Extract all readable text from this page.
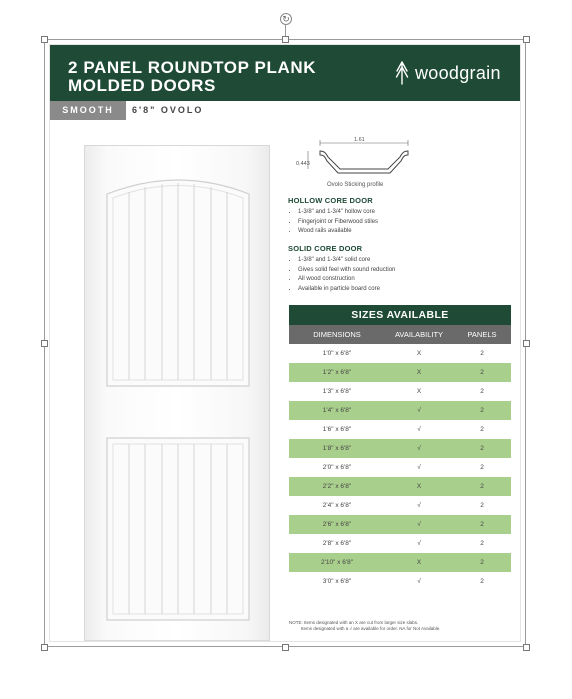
↻
2 PANEL ROUNDTOP PLANK
MOLDED DOORS
woodgrain
SMOOTH	6'8" OVOLO
1.61
0.443
Ovolo Sticking profile
HOLLOW CORE DOOR
• 1-3/8" and 1-3/4" hollow core
• Fingerjoint or Fiberwood stiles
• Wood rails available
SOLID CORE DOOR
• 1-3/8" and 1-3/4" solid core
• Gives solid feel with sound reduction
• All wood construction
• Available in particle board core
SIZES AVAILABLE
DIMENSIONS	AVAILABILITY	PANELS
1'0" x 6'8"	X	2
1'2" x 6'8"	X	2
1'3" x 6'8"	X	2
1'4" x 6'8"	√	2
1'6" x 6'8"	√	2
1'8" x 6'8"	√	2
2'0" x 6'8"	√	2
2'2" x 6'8"	X	2
2'4" x 6'8"	√	2
2'6" x 6'8"	√	2
2'8" x 6'8"	√	2
2'10" x 6'8"	X	2
3'0" x 6'8"	√	2
NOTE: Items designated with an X are cut from larger size slabs.
Items designated with a √ are available for order. NA for Not Available.
